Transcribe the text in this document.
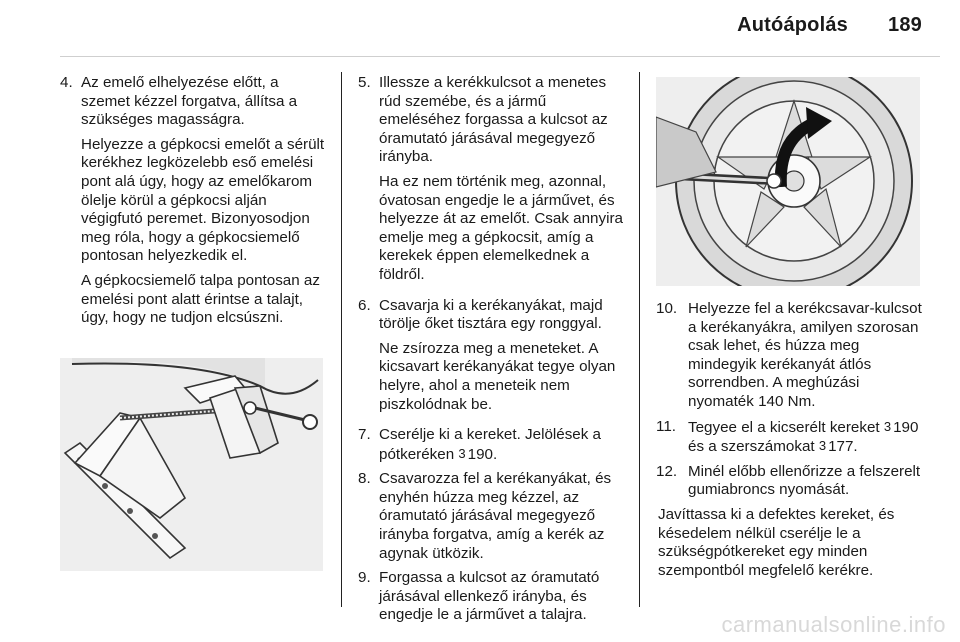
Autóápolás 189
4. Az emelő elhelyezése előtt, a szemet kézzel forgatva, állítsa a szükséges magasságra.
Helyezze a gépkocsi emelőt a sérült kerékhez legközelebb eső emelési pont alá úgy, hogy az emelőkarom ölelje körül a gépkocsi alján végigfutó peremet. Bizonyosodjon meg róla, hogy a gépkocsiemelő pontosan helyezkedik el.
A gépkocsiemelő talpa pontosan az emelési pont alatt érintse a talajt, úgy, hogy ne tudjon elcsúszni.
5. Illessze a kerékkulcsot a menetes rúd szemébe, és a jármű emeléséhez forgassa a kulcsot az óramutató járásával megegyező irányba.
Ha ez nem történik meg, azonnal, óvatosan engedje le a járművet, és helyezze át az emelőt. Csak annyira emelje meg a gépkocsit, amíg a kerekek éppen elemelkednek a földről.
6. Csavarja ki a kerékanyákat, majd törölje őket tisztára egy ronggyal.
Ne zsírozza meg a meneteket. A kicsavart kerékanyákat tegye olyan helyre, ahol a meneteik nem piszkolódnak be.
7. Cserélje ki a kereket. Jelölések a pótkeréken 3 190.
8. Csavarozza fel a kerékanyákat, és enyhén húzza meg kézzel, az óramutató járásával megegyező irányba forgatva, amíg a kerék az agynak ütközik.
9. Forgassa a kulcsot az óramutató járásával ellenkező irányba, és engedje le a járművet a talajra.
10. Helyezze fel a kerékcsavar-kulcsot a kerékanyákra, amilyen szorosan csak lehet, és húzza meg mindegyik kerékanyát átlós sorrendben. A meghúzási nyomaték 140 Nm.
11. Tegyee el a kicserélt kereket 3 190 és a szerszámokat 3 177.
12. Minél előbb ellenőrizze a felszerelt gumiabroncs nyomását.
Javíttassa ki a defektes kereket, és késedelem nélkül cserélje le a szükségpótkereket egy minden szempontból megfelelő kerékre.
carmanualsonline.info
